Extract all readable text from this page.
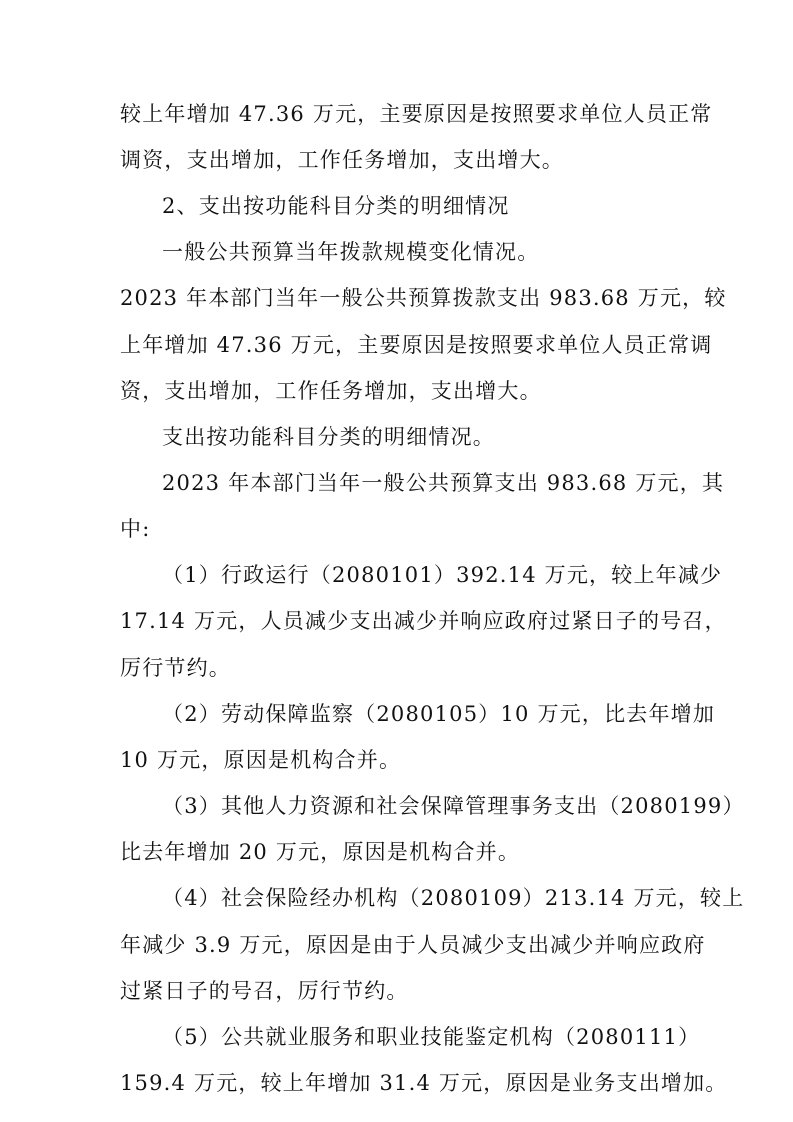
较上年增加 47.36 万元，主要原因是按照要求单位人员正常
调资，支出增加，工作任务增加，支出增大。
2、支出按功能科目分类的明细情况
一般公共预算当年拨款规模变化情况。
2023 年本部门当年一般公共预算拨款支出 983.68 万元，较
上年增加 47.36 万元，主要原因是按照要求单位人员正常调
资，支出增加，工作任务增加，支出增大。
支出按功能科目分类的明细情况。
2023 年本部门当年一般公共预算支出 983.68 万元，其
中:
（1）行政运行（2080101）392.14 万元，较上年减少
17.14 万元，人员减少支出减少并响应政府过紧日子的号召，
厉行节约。
（2）劳动保障监察（2080105）10 万元，比去年增加
10 万元，原因是机构合并。
（3）其他人力资源和社会保障管理事务支出（2080199）
比去年增加 20 万元，原因是机构合并。
（4）社会保险经办机构（2080109）213.14 万元，较上
年减少 3.9 万元，原因是由于人员减少支出减少并响应政府
过紧日子的号召，厉行节约。
（5）公共就业服务和职业技能鉴定机构（2080111）
159.4 万元，较上年增加 31.4 万元，原因是业务支出增加。
